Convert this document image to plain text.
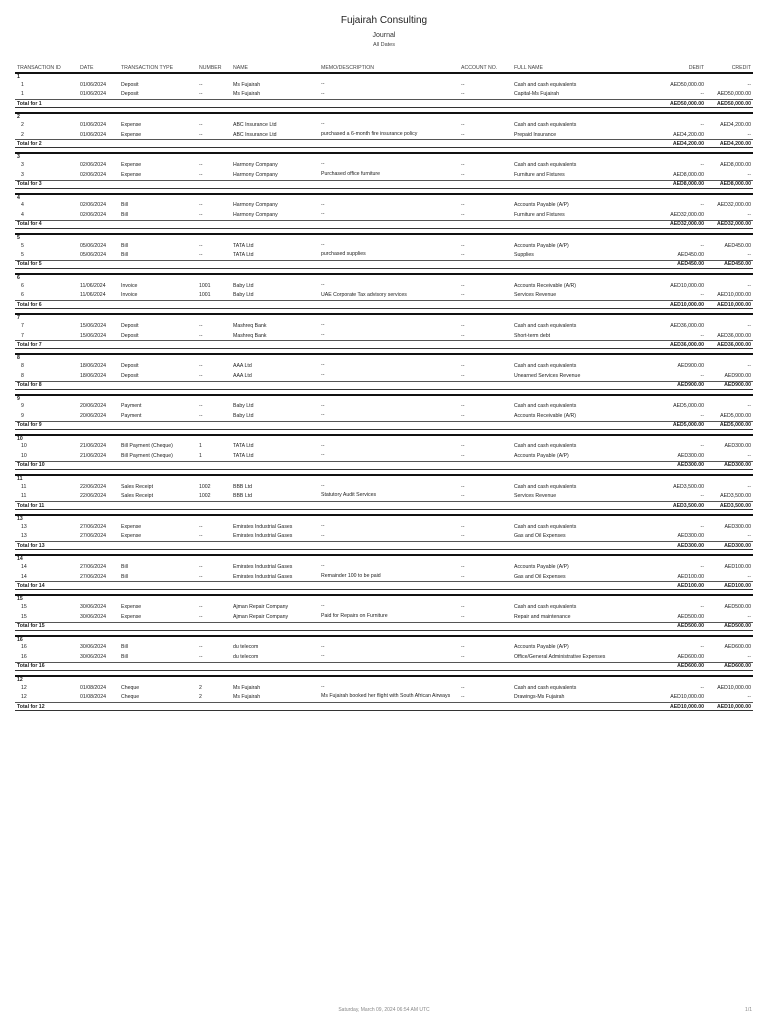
Fujairah Consulting
Journal
All Dates
TRANSACTION ID	DATE	TRANSACTION TYPE	NUMBER	NAME	MEMO/DESCRIPTION	ACCOUNT NO.	FULL NAME	DEBIT	CREDIT
1									
1	01/06/2024	Deposit	--	Ms Fujairah	--	--	Cash and cash equivalents	AED50,000.00	--
1	01/06/2024	Deposit	--	Ms Fujairah	--	--	Capital-Ms Fujairah	--	AED50,000.00
Total for 1								AED50,000.00	AED50,000.00

2									
2	01/06/2024	Expense	--	ABC Insurance Ltd	--	--	Cash and cash equivalents	--	AED4,200.00
2	01/06/2024	Expense	--	ABC Insurance Ltd	purchased a 6-month fire insurance policy	--	Prepaid Insurance	AED4,200.00	--
Total for 2								AED4,200.00	AED4,200.00

3									
3	02/06/2024	Expense	--	Harmony Company	--	--	Cash and cash equivalents	--	AED8,000.00
3	02/06/2024	Expense	--	Harmony Company	Purchased office furniture	--	Furniture and Fixtures	AED8,000.00	--
Total for 3								AED8,000.00	AED8,000.00

4									
4	02/06/2024	Bill	--	Harmony Company	--	--	Accounts Payable (A/P)	--	AED32,000.00
4	02/06/2024	Bill	--	Harmony Company	--	--	Furniture and Fixtures	AED32,000.00	--
Total for 4								AED32,000.00	AED32,000.00

5									
5	05/06/2024	Bill	--	TATA Ltd	--	--	Accounts Payable (A/P)	--	AED450.00
5	05/06/2024	Bill	--	TATA Ltd	purchased supplies	--	Supplies	AED450.00	--
Total for 5								AED450.00	AED450.00

6									
6	11/06/2024	Invoice	1001	Baby Ltd	--	--	Accounts Receivable (A/R)	AED10,000.00	--
6	11/06/2024	Invoice	1001	Baby Ltd	UAE Corporate Tax advisory services	--	Services Revenue	--	AED10,000.00
Total for 6								AED10,000.00	AED10,000.00

7									
7	15/06/2024	Deposit	--	Mashreq Bank	--	--	Cash and cash equivalents	AED36,000.00	--
7	15/06/2024	Deposit	--	Mashreq Bank	--	--	Short-term debt	--	AED36,000.00
Total for 7								AED36,000.00	AED36,000.00

8									
8	18/06/2024	Deposit	--	AAA Ltd	--	--	Cash and cash equivalents	AED900.00	--
8	18/06/2024	Deposit	--	AAA Ltd	--	--	Unearned Services Revenue	--	AED900.00
Total for 8								AED900.00	AED900.00

9									
9	20/06/2024	Payment	--	Baby Ltd	--	--	Cash and cash equivalents	AED5,000.00	--
9	20/06/2024	Payment	--	Baby Ltd	--	--	Accounts Receivable (A/R)	--	AED5,000.00
Total for 9								AED5,000.00	AED5,000.00

10									
10	21/06/2024	Bill Payment (Cheque)	1	TATA Ltd	--	--	Cash and cash equivalents	--	AED300.00
10	21/06/2024	Bill Payment (Cheque)	1	TATA Ltd	--	--	Accounts Payable (A/P)	AED300.00	--
Total for 10								AED300.00	AED300.00

11									
11	22/06/2024	Sales Receipt	1002	BBB Ltd	--	--	Cash and cash equivalents	AED3,500.00	--
11	22/06/2024	Sales Receipt	1002	BBB Ltd	Statutory Audit Services	--	Services Revenue	--	AED3,500.00
Total for 11								AED3,500.00	AED3,500.00

13									
13	27/06/2024	Expense	--	Emirates Industrial Gases	--	--	Cash and cash equivalents	--	AED300.00
13	27/06/2024	Expense	--	Emirates Industrial Gases	--	--	Gas and Oil Expenses	AED300.00	--
Total for 13								AED300.00	AED300.00

14									
14	27/06/2024	Bill	--	Emirates Industrial Gases	--	--	Accounts Payable (A/P)	--	AED100.00
14	27/06/2024	Bill	--	Emirates Industrial Gases	Remainder 100 to be paid	--	Gas and Oil Expenses	AED100.00	--
Total for 14								AED100.00	AED100.00

15									
15	30/06/2024	Expense	--	Ajman Repair Company	--	--	Cash and cash equivalents	--	AED500.00
15	30/06/2024	Expense	--	Ajman Repair Company	Paid for Repairs on Furniture	--	Repair and maintenance	AED500.00	--
Total for 15								AED500.00	AED500.00

16									
16	30/06/2024	Bill	--	du telecom	--	--	Accounts Payable (A/P)	--	AED600.00
16	30/06/2024	Bill	--	du telecom	--	--	Office/General Administrative Expenses	AED600.00	--
Total for 16								AED600.00	AED600.00

12									
12	01/08/2024	Cheque	2	Ms Fujairah	--	--	Cash and cash equivalents	--	AED10,000.00
12	01/08/2024	Cheque	2	Ms Fujairah	Ms Fujairah booked her flight with South African Airways	--	Drawings-Ms Fujairah	AED10,000.00	--
Total for 12								AED10,000.00	AED10,000.00

Saturday, March 09, 2024 06:54 AM UTC	1/1
